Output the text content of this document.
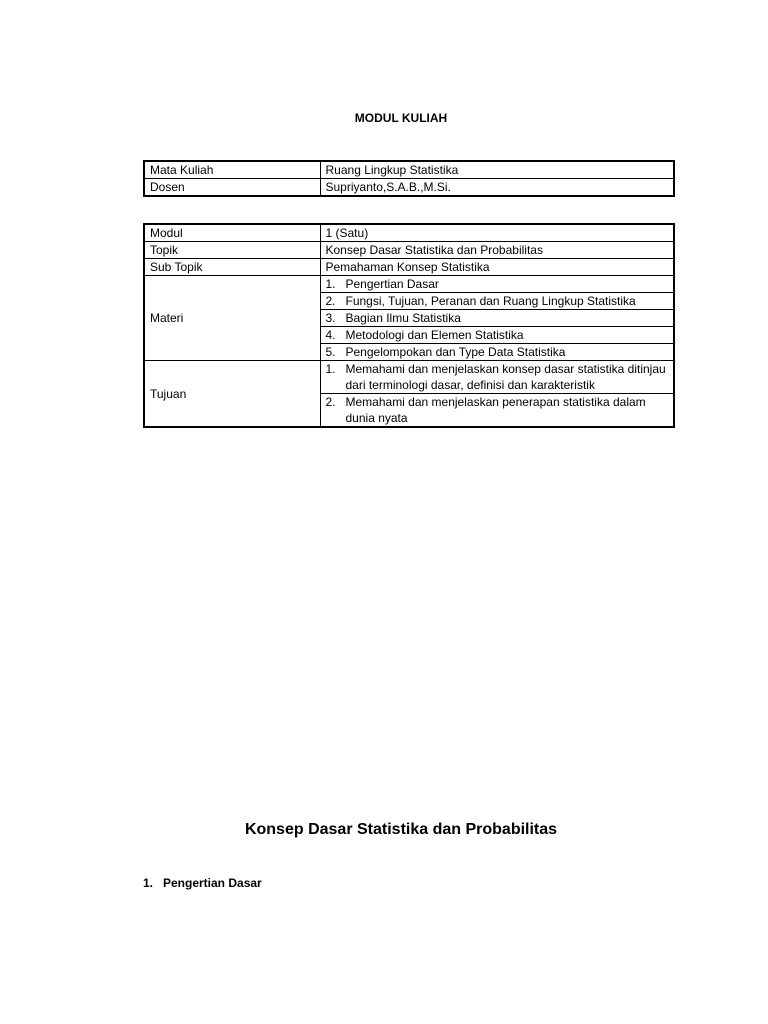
MODUL KULIAH
Mata Kuliah	Ruang Lingkup Statistika
Dosen	Supriyanto,S.A.B.,M.Si.
Modul	1 (Satu)
Topik	Konsep Dasar Statistika dan Probabilitas
Sub Topik	Pemahaman Konsep Statistika
Materi	1. Pengertian Dasar

	2. Fungsi, Tujuan, Peranan dan Ruang Lingkup Statistika

	3. Bagian Ilmu Statistika

	4. Metodologi dan Elemen Statistika

	5. Pengelompokan dan Type Data Statistika

Tujuan	1. Memahami dan menjelaskan konsep dasar statistika ditinjau dari terminologi dasar, definisi dan karakteristik

	2. Memahami dan menjelaskan penerapan statistika dalam dunia nyata
Konsep Dasar Statistika dan Probabilitas
1. Pengertian Dasar
